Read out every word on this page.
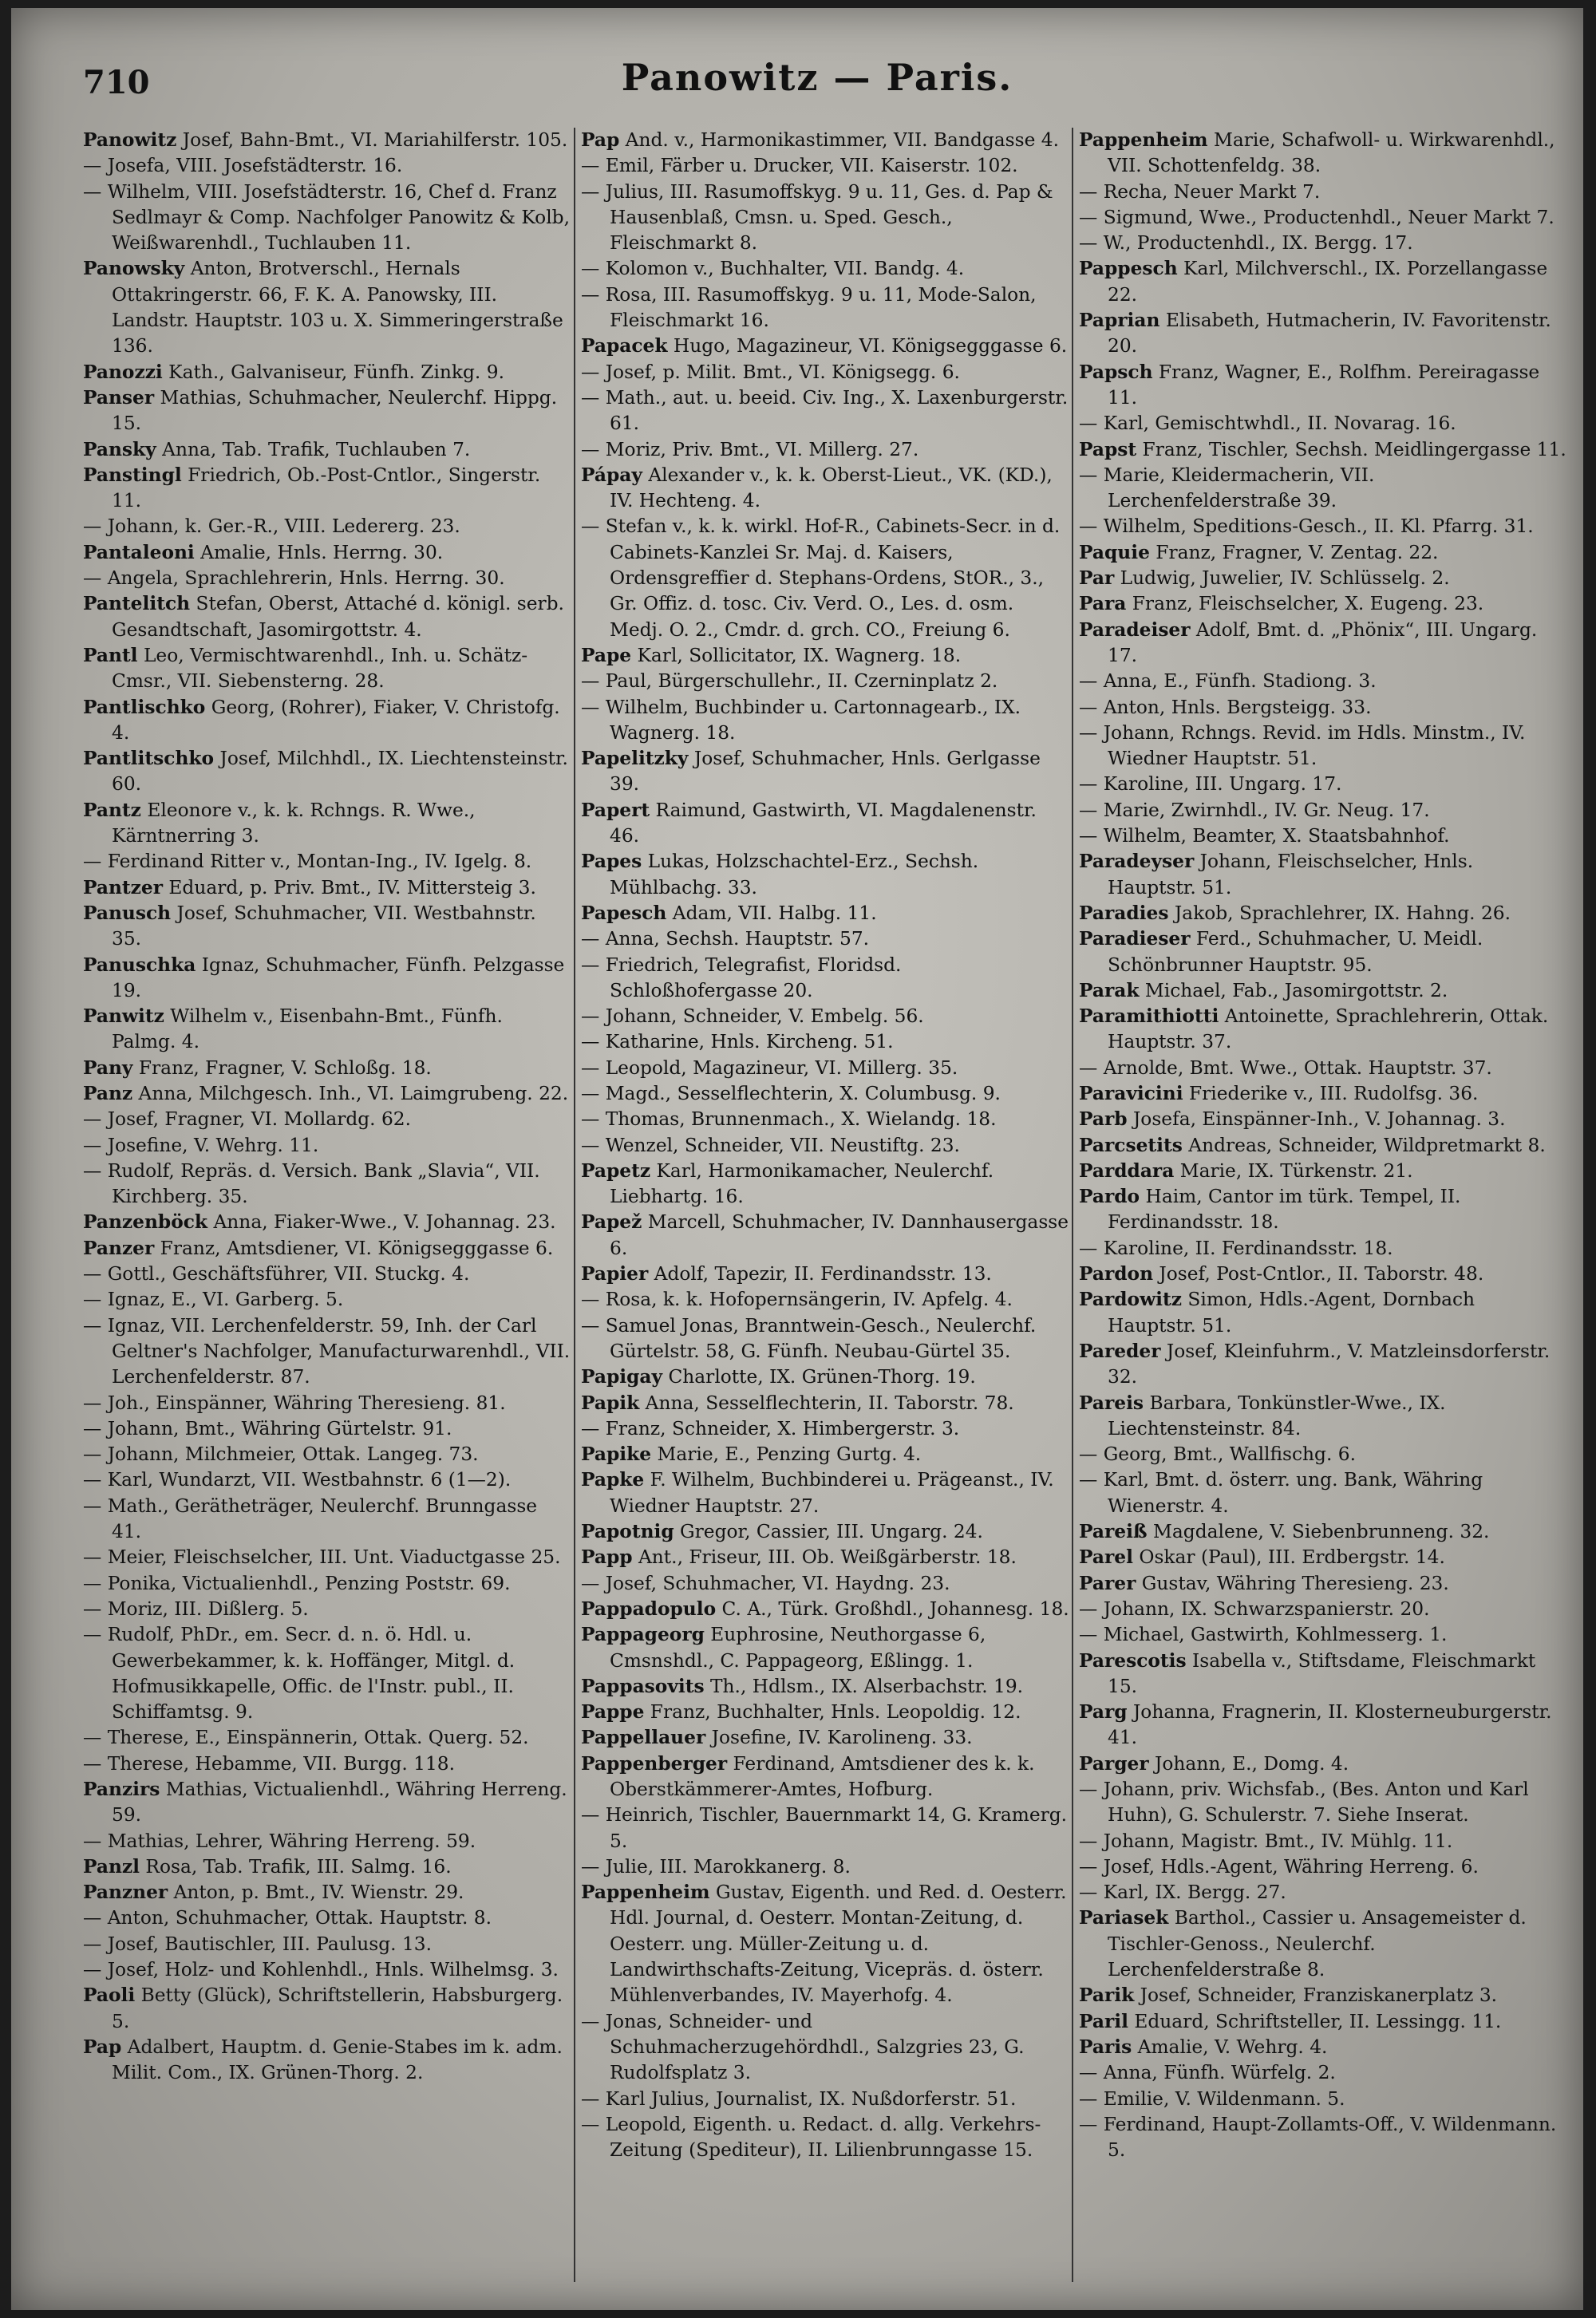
710	Panowitz — Paris.

Panowitz Josef, Bahn-Bmt., VI. Mariahilferstr. 105.

— Josefa, VIII. Josefstädterstr. 16.

— Wilhelm, VIII. Josefstädterstr. 16, Chef d. Franz Sedlmayr & Comp. Nachfolger Panowitz & Kolb, Weißwarenhdl., Tuchlauben 11.

Panowsky Anton, Brotverschl., Hernals Ottakringerstr. 66, F. K. A. Panowsky, III. Landstr. Hauptstr. 103 u. X. Simmeringerstraße 136.

Panozzi Kath., Galvaniseur, Fünfh. Zinkg. 9.

Panser Mathias, Schuhmacher, Neulerchf. Hippg. 15.

Pansky Anna, Tab. Trafik, Tuchlauben 7.

Panstingl Friedrich, Ob.-Post-Cntlor., Singerstr. 11.

— Johann, k. Ger.-R., VIII. Ledererg. 23.

Pantaleoni Amalie, Hnls. Herrng. 30.

— Angela, Sprachlehrerin, Hnls. Herrng. 30.

Pantelitch Stefan, Oberst, Attaché d. königl. serb. Gesandtschaft, Jasomirgottstr. 4.

Pantl Leo, Vermischtwarenhdl., Inh. u. Schätz-Cmsr., VII. Siebensterng. 28.

Pantlischko Georg, (Rohrer), Fiaker, V. Christofg. 4.

Pantlitschko Josef, Milchhdl., IX. Liechtensteinstr. 60.

Pantz Eleonore v., k. k. Rchngs. R. Wwe., Kärntnerring 3.

— Ferdinand Ritter v., Montan-Ing., IV. Igelg. 8.

Pantzer Eduard, p. Priv. Bmt., IV. Mittersteig 3.

Panusch Josef, Schuhmacher, VII. Westbahnstr. 35.

Panuschka Ignaz, Schuhmacher, Fünfh. Pelzgasse 19.

Panwitz Wilhelm v., Eisenbahn-Bmt., Fünfh. Palmg. 4.

Pany Franz, Fragner, V. Schloßg. 18.

Panz Anna, Milchgesch. Inh., VI. Laimgrubeng. 22.

— Josef, Fragner, VI. Mollardg. 62.

— Josefine, V. Wehrg. 11.

— Rudolf, Repräs. d. Versich. Bank „Slavia“, VII. Kirchberg. 35.

Panzenböck Anna, Fiaker-Wwe., V. Johannag. 23.

Panzer Franz, Amtsdiener, VI. Königsegggasse 6.

— Gottl., Geschäftsführer, VII. Stuckg. 4.

— Ignaz, E., VI. Garberg. 5.

— Ignaz, VII. Lerchenfelderstr. 59, Inh. der Carl Geltner's Nachfolger, Manufacturwarenhdl., VII. Lerchenfelderstr. 87.

— Joh., Einspänner, Währing Theresieng. 81.

— Johann, Bmt., Währing Gürtelstr. 91.

— Johann, Milchmeier, Ottak. Langeg. 73.

— Karl, Wundarzt, VII. Westbahnstr. 6 (1—2).

— Math., Gerätheträger, Neulerchf. Brunngasse 41.

— Meier, Fleischselcher, III. Unt. Viaductgasse 25.

— Ponika, Victualienhdl., Penzing Poststr. 69.

— Moriz, III. Dißlerg. 5.

— Rudolf, PhDr., em. Secr. d. n. ö. Hdl. u. Gewerbekammer, k. k. Hoffänger, Mitgl. d. Hofmusikkapelle, Offic. de l'Instr. publ., II. Schiffamtsg. 9.

— Therese, E., Einspännerin, Ottak. Querg. 52.

— Therese, Hebamme, VII. Burgg. 118.

Panzirs Mathias, Victualienhdl., Währing Herreng. 59.

— Mathias, Lehrer, Währing Herreng. 59.

Panzl Rosa, Tab. Trafik, III. Salmg. 16.

Panzner Anton, p. Bmt., IV. Wienstr. 29.

— Anton, Schuhmacher, Ottak. Hauptstr. 8.

— Josef, Bautischler, III. Paulusg. 13.

— Josef, Holz- und Kohlenhdl., Hnls. Wilhelmsg. 3.

Paoli Betty (Glück), Schriftstellerin, Habsburgerg. 5.

Pap Adalbert, Hauptm. d. Genie-Stabes im k. adm. Milit. Com., IX. Grünen-Thorg. 2.

Pap And. v., Harmonikastimmer, VII. Bandgasse 4.

— Emil, Färber u. Drucker, VII. Kaiserstr. 102.

— Julius, III. Rasumoffskyg. 9 u. 11, Ges. d. Pap & Hausenblaß, Cmsn. u. Sped. Gesch., Fleischmarkt 8.

— Kolomon v., Buchhalter, VII. Bandg. 4.

— Rosa, III. Rasumoffskyg. 9 u. 11, Mode-Salon, Fleischmarkt 16.

Papacek Hugo, Magazineur, VI. Königsegggasse 6.

— Josef, p. Milit. Bmt., VI. Königsegg. 6.

— Math., aut. u. beeid. Civ. Ing., X. Laxenburgerstr. 61.

— Moriz, Priv. Bmt., VI. Millerg. 27.

Pápay Alexander v., k. k. Oberst-Lieut., VK. (KD.), IV. Hechteng. 4.

— Stefan v., k. k. wirkl. Hof-R., Cabinets-Secr. in d. Cabinets-Kanzlei Sr. Maj. d. Kaisers, Ordensgreffier d. Stephans-Ordens, StOR., 3., Gr. Offiz. d. tosc. Civ. Verd. O., Les. d. osm. Medj. O. 2., Cmdr. d. grch. CO., Freiung 6.

Pape Karl, Sollicitator, IX. Wagnerg. 18.

— Paul, Bürgerschullehr., II. Czerninplatz 2.

— Wilhelm, Buchbinder u. Cartonnagearb., IX. Wagnerg. 18.

Papelitzky Josef, Schuhmacher, Hnls. Gerlgasse 39.

Papert Raimund, Gastwirth, VI. Magdalenenstr. 46.

Papes Lukas, Holzschachtel-Erz., Sechsh. Mühlbachg. 33.

Papesch Adam, VII. Halbg. 11.

— Anna, Sechsh. Hauptstr. 57.

— Friedrich, Telegrafist, Floridsd. Schloßhofergasse 20.

— Johann, Schneider, V. Embelg. 56.

— Katharine, Hnls. Kircheng. 51.

— Leopold, Magazineur, VI. Millerg. 35.

— Magd., Sesselflechterin, X. Columbusg. 9.

— Thomas, Brunnenmach., X. Wielandg. 18.

— Wenzel, Schneider, VII. Neustiftg. 23.

Papetz Karl, Harmonikamacher, Neulerchf. Liebhartg. 16.

Papež Marcell, Schuhmacher, IV. Dannhausergasse 6.

Papier Adolf, Tapezir, II. Ferdinandsstr. 13.

— Rosa, k. k. Hofopernsängerin, IV. Apfelg. 4.

— Samuel Jonas, Branntwein-Gesch., Neulerchf. Gürtelstr. 58, G. Fünfh. Neubau-Gürtel 35.

Papigay Charlotte, IX. Grünen-Thorg. 19.

Papik Anna, Sesselflechterin, II. Taborstr. 78.

— Franz, Schneider, X. Himbergerstr. 3.

Papike Marie, E., Penzing Gurtg. 4.

Papke F. Wilhelm, Buchbinderei u. Prägeanst., IV. Wiedner Hauptstr. 27.

Papotnig Gregor, Cassier, III. Ungarg. 24.

Papp Ant., Friseur, III. Ob. Weißgärberstr. 18.

— Josef, Schuhmacher, VI. Haydng. 23.

Pappadopulo C. A., Türk. Großhdl., Johannesg. 18.

Pappageorg Euphrosine, Neuthorgasse 6, Cmsnshdl., C. Pappageorg, Eßlingg. 1.

Pappasovits Th., Hdlsm., IX. Alserbachstr. 19.

Pappe Franz, Buchhalter, Hnls. Leopoldig. 12.

Pappellauer Josefine, IV. Karolineng. 33.

Pappenberger Ferdinand, Amtsdiener des k. k. Oberstkämmerer-Amtes, Hofburg.

— Heinrich, Tischler, Bauernmarkt 14, G. Kramerg. 5.

— Julie, III. Marokkanerg. 8.

Pappenheim Gustav, Eigenth. und Red. d. Oesterr. Hdl. Journal, d. Oesterr. Montan-Zeitung, d. Oesterr. ung. Müller-Zeitung u. d. Landwirthschafts-Zeitung, Vicepräs. d. österr. Mühlenverbandes, IV. Mayerhofg. 4.

— Jonas, Schneider- und Schuhmacherzugehördhdl., Salzgries 23, G. Rudolfsplatz 3.

— Karl Julius, Journalist, IX. Nußdorferstr. 51.

— Leopold, Eigenth. u. Redact. d. allg. Verkehrs-Zeitung (Spediteur), II. Lilienbrunngasse 15.

Pappenheim Marie, Schafwoll- u. Wirkwarenhdl., VII. Schottenfeldg. 38.

— Recha, Neuer Markt 7.

— Sigmund, Wwe., Productenhdl., Neuer Markt 7.

— W., Productenhdl., IX. Bergg. 17.

Pappesch Karl, Milchverschl., IX. Porzellangasse 22.

Paprian Elisabeth, Hutmacherin, IV. Favoritenstr. 20.

Papsch Franz, Wagner, E., Rolfhm. Pereiragasse 11.

— Karl, Gemischtwhdl., II. Novarag. 16.

Papst Franz, Tischler, Sechsh. Meidlingergasse 11.

— Marie, Kleidermacherin, VII. Lerchenfelderstraße 39.

— Wilhelm, Speditions-Gesch., II. Kl. Pfarrg. 31.

Paquie Franz, Fragner, V. Zentag. 22.

Par Ludwig, Juwelier, IV. Schlüsselg. 2.

Para Franz, Fleischselcher, X. Eugeng. 23.

Paradeiser Adolf, Bmt. d. „Phönix“, III. Ungarg. 17.

— Anna, E., Fünfh. Stadiong. 3.

— Anton, Hnls. Bergsteigg. 33.

— Johann, Rchngs. Revid. im Hdls. Minstm., IV. Wiedner Hauptstr. 51.

— Karoline, III. Ungarg. 17.

— Marie, Zwirnhdl., IV. Gr. Neug. 17.

— Wilhelm, Beamter, X. Staatsbahnhof.

Paradeyser Johann, Fleischselcher, Hnls. Hauptstr. 51.

Paradies Jakob, Sprachlehrer, IX. Hahng. 26.

Paradieser Ferd., Schuhmacher, U. Meidl. Schönbrunner Hauptstr. 95.

Parak Michael, Fab., Jasomirgottstr. 2.

Paramithiotti Antoinette, Sprachlehrerin, Ottak. Hauptstr. 37.

— Arnolde, Bmt. Wwe., Ottak. Hauptstr. 37.

Paravicini Friederike v., III. Rudolfsg. 36.

Parb Josefa, Einspänner-Inh., V. Johannag. 3.

Parcsetits Andreas, Schneider, Wildpretmarkt 8.

Parddara Marie, IX. Türkenstr. 21.

Pardo Haim, Cantor im türk. Tempel, II. Ferdinandsstr. 18.

— Karoline, II. Ferdinandsstr. 18.

Pardon Josef, Post-Cntlor., II. Taborstr. 48.

Pardowitz Simon, Hdls.-Agent, Dornbach Hauptstr. 51.

Pareder Josef, Kleinfuhrm., V. Matzleinsdorferstr. 32.

Pareis Barbara, Tonkünstler-Wwe., IX. Liechtensteinstr. 84.

— Georg, Bmt., Wallfischg. 6.

— Karl, Bmt. d. österr. ung. Bank, Währing Wienerstr. 4.

Pareiß Magdalene, V. Siebenbrunneng. 32.

Parel Oskar (Paul), III. Erdbergstr. 14.

Parer Gustav, Währing Theresieng. 23.

— Johann, IX. Schwarzspanierstr. 20.

— Michael, Gastwirth, Kohlmesserg. 1.

Parescotis Isabella v., Stiftsdame, Fleischmarkt 15.

Parg Johanna, Fragnerin, II. Klosterneuburgerstr. 41.

Parger Johann, E., Domg. 4.

— Johann, priv. Wichsfab., (Bes. Anton und Karl Huhn), G. Schulerstr. 7. Siehe Inserat.

— Johann, Magistr. Bmt., IV. Mühlg. 11.

— Josef, Hdls.-Agent, Währing Herreng. 6.

— Karl, IX. Bergg. 27.

Pariasek Barthol., Cassier u. Ansagemeister d. Tischler-Genoss., Neulerchf. Lerchenfelderstraße 8.

Parik Josef, Schneider, Franziskanerplatz 3.

Paril Eduard, Schriftsteller, II. Lessingg. 11.

Paris Amalie, V. Wehrg. 4.

— Anna, Fünfh. Würfelg. 2.

— Emilie, V. Wildenmann. 5.

— Ferdinand, Haupt-Zollamts-Off., V. Wildenmann. 5.
